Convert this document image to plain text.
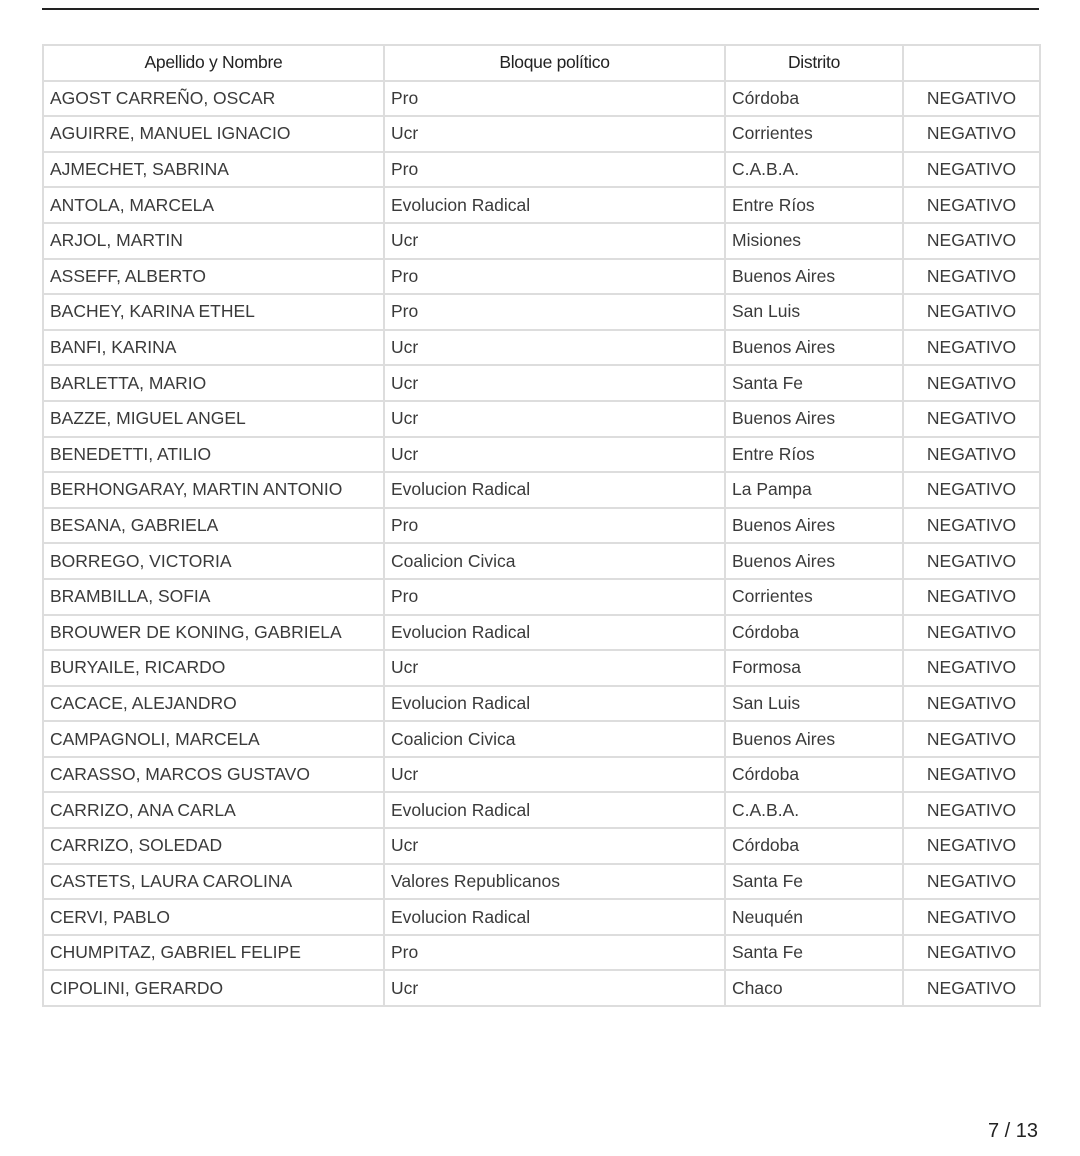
Apellido y Nombre	Bloque político	Distrito	
AGOST CARREÑO, OSCAR	Pro	Córdoba	NEGATIVO
AGUIRRE, MANUEL IGNACIO	Ucr	Corrientes	NEGATIVO
AJMECHET, SABRINA	Pro	C.A.B.A.	NEGATIVO
ANTOLA, MARCELA	Evolucion Radical	Entre Ríos	NEGATIVO
ARJOL, MARTIN	Ucr	Misiones	NEGATIVO
ASSEFF, ALBERTO	Pro	Buenos Aires	NEGATIVO
BACHEY, KARINA ETHEL	Pro	San Luis	NEGATIVO
BANFI, KARINA	Ucr	Buenos Aires	NEGATIVO
BARLETTA, MARIO	Ucr	Santa Fe	NEGATIVO
BAZZE, MIGUEL ANGEL	Ucr	Buenos Aires	NEGATIVO
BENEDETTI, ATILIO	Ucr	Entre Ríos	NEGATIVO
BERHONGARAY, MARTIN ANTONIO	Evolucion Radical	La Pampa	NEGATIVO
BESANA, GABRIELA	Pro	Buenos Aires	NEGATIVO
BORREGO, VICTORIA	Coalicion Civica	Buenos Aires	NEGATIVO
BRAMBILLA, SOFIA	Pro	Corrientes	NEGATIVO
BROUWER DE KONING, GABRIELA	Evolucion Radical	Córdoba	NEGATIVO
BURYAILE, RICARDO	Ucr	Formosa	NEGATIVO
CACACE, ALEJANDRO	Evolucion Radical	San Luis	NEGATIVO
CAMPAGNOLI, MARCELA	Coalicion Civica	Buenos Aires	NEGATIVO
CARASSO, MARCOS GUSTAVO	Ucr	Córdoba	NEGATIVO
CARRIZO, ANA CARLA	Evolucion Radical	C.A.B.A.	NEGATIVO
CARRIZO, SOLEDAD	Ucr	Córdoba	NEGATIVO
CASTETS, LAURA CAROLINA	Valores Republicanos	Santa Fe	NEGATIVO
CERVI, PABLO	Evolucion Radical	Neuquén	NEGATIVO
CHUMPITAZ, GABRIEL FELIPE	Pro	Santa Fe	NEGATIVO
CIPOLINI, GERARDO	Ucr	Chaco	NEGATIVO
7 / 13
